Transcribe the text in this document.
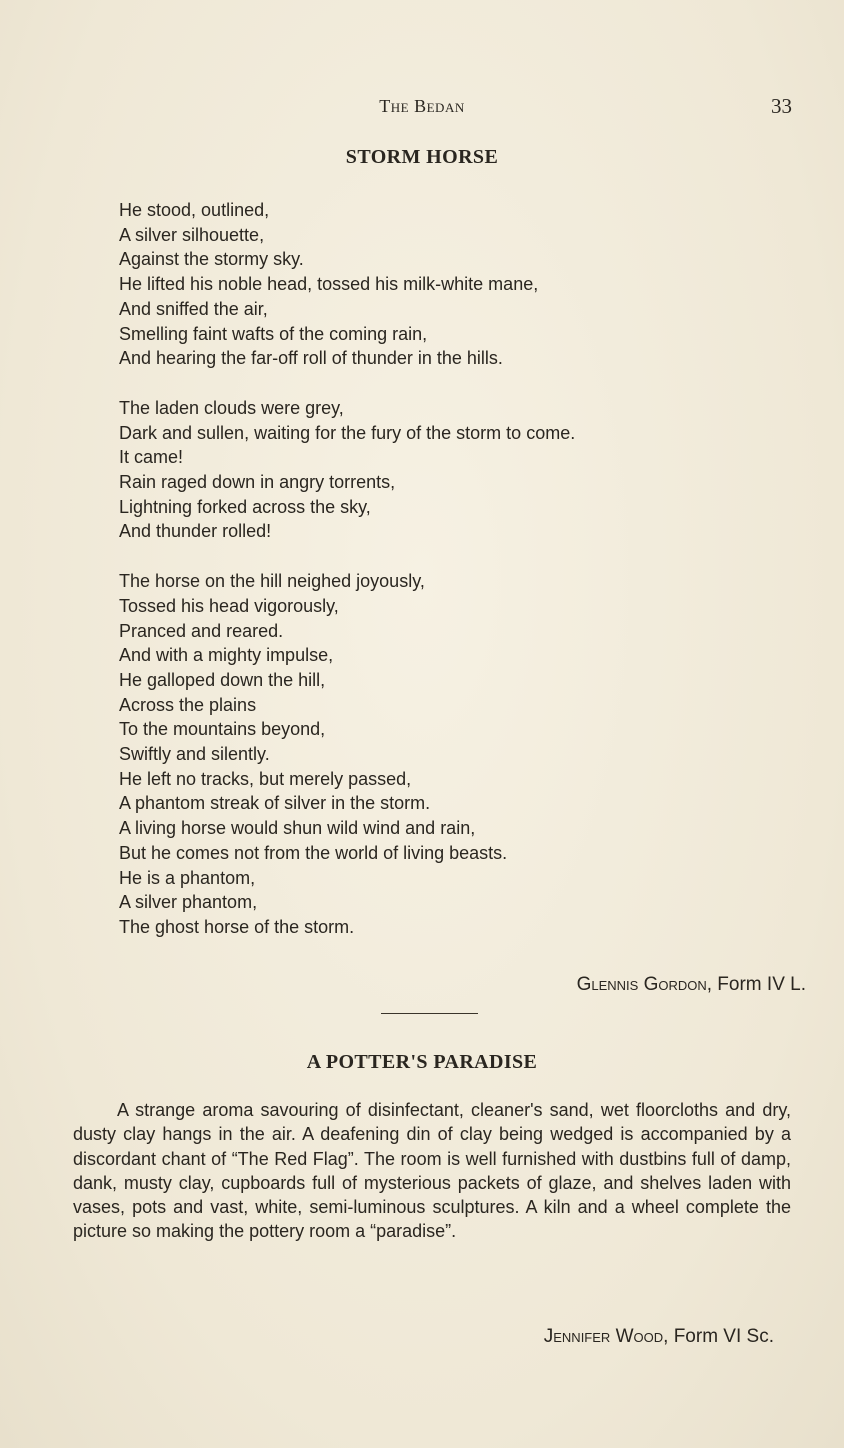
The Bedan	33
STORM HORSE
He stood, outlined,
A silver silhouette,
Against the stormy sky.
He lifted his noble head, tossed his milk-white mane,
And sniffed the air,
Smelling faint wafts of the coming rain,
And hearing the far-off roll of thunder in the hills.
The laden clouds were grey,
Dark and sullen, waiting for the fury of the storm to come.
It came!
Rain raged down in angry torrents,
Lightning forked across the sky,
And thunder rolled!
The horse on the hill neighed joyously,
Tossed his head vigorously,
Pranced and reared.
And with a mighty impulse,
He galloped down the hill,
Across the plains
To the mountains beyond,
Swiftly and silently.
He left no tracks, but merely passed,
A phantom streak of silver in the storm.
A living horse would shun wild wind and rain,
But he comes not from the world of living beasts.
He is a phantom,
A silver phantom,
The ghost horse of the storm.
Glennis Gordon, Form IV L.
A POTTER'S PARADISE
A strange aroma savouring of disinfectant, cleaner's sand, wet floorcloths and dry, dusty clay hangs in the air. A deafening din of clay being wedged is accompanied by a discordant chant of “The Red Flag”. The room is well furnished with dustbins full of damp, dank, musty clay, cupboards full of mysterious packets of glaze, and shelves laden with vases, pots and vast, white, semi-luminous sculptures. A kiln and a wheel complete the picture so making the pottery room a “paradise”.
Jennifer Wood, Form VI Sc.
